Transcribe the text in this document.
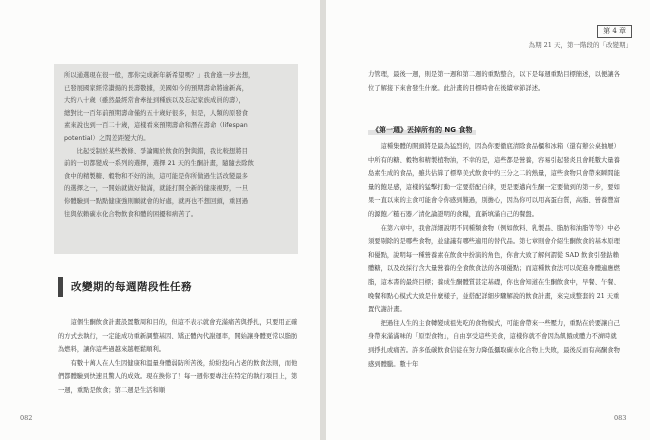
第 4 章
為期 21 天，第一階段的「改變期」

所以通選現在很一般，那你完成新年新希望嗎？」我會進一步去想，

已發展國家經常讚揚的長壽數據，美國如今的預期壽命將逾新高，

大約八十歲（雖然最經常會牽扯到種族以及忘記家族成員的壽），

總對比一百年前預期壽命僅約五十歲好很多，但是，人類的原發食

素來說也到一百二十歲，這樣看來預期壽命和潛在壽命（lifespan

potential）之間差距變大的。

比起受制於某些教條、爭論關於飲食的對與錯，我比較想將目

前的一切都變成一系列的選擇，選擇 21 天的生酮計畫，隨隨去除飲

食中的精製糖、穀物和不好的油，這可能是你所做過生活改變最多

的選擇之一，一開始就做好做滿，就能打開全新的健康視野，一旦

你體驗到一點點健康強則願就會的好處，就再也不想回頭，重回過

往與依賴碳水化合物飲食和體的困擾和病苦了。

改變期的每週階段性任務

這個生酮飲食計畫設置數周和目的，但這不表示就會充滿痛苦與掙扎，只要用正確的方式去執行，一定能成功重新調整基因、矯正體內代謝運率，開始讓身體更常以脂肪為燃料，讓你這些過越來越輕鬆順利。

有數十萬人在人生因健康和溫量身體弱防所苦後，紛紛投向占老的飲食法則，而他們都體驗到快速且驚人的成效。現在換你了！每一週你要專注在特定的執行項目上，第一週，重點是飲食；第二週是生活和順

力管理，最後一週，則是第一週和第二週的重點整合，以下是每週重點目標簡述，以便讓各位了解接下來會發生什麼。此計畫的目標時會在後續章節詳述。

《第一週》丟掉所有的 NG 食物

這種集體的開頭將是最為猛烈的，因為你要徹底清除食品櫃和冰箱（還有辦公桌抽屜）中所有的糖、穀物和精製植物油，不幸的是，這些都是營養，容易引起發炎且會耗數大量養島素生成的食品，雖共估算了標準美式飲食中約三分之二的熱量，這些食物只會帶來瞬間能量的飽足感，這樣的猛擊打動一定要搭配自律，更是要邁向生酮一定要做到的第一步，要如果一直以來的主食可能會令你感到難過，別擔心，因為你可以用高蛋白質，高脂、營養豐富的源飽／糙石器／清化論證明的食糧，直新填滿自己的餐盤。

在第六章中，我會詳細說明不同種類食物（例如飲料、乳製品、脂肪和油脂等等）中必須要剔除的是哪些食物，並建議有哪些適用的替代品。第七章則會介紹生酮飲食的基本原理和優點，說明每一種營養素在飲食中扮演的角色，你會大致了解何謂從 SAD 飲食引發鈷賴體糖，以及改採行含大量營養的全食飲食法的各項優點；而這種飲食法可以促進身體適應燃脂，這本書的最終目標；養成生酮體質甚定基礎，你也會知道在生酮飲食中，早餐、午餐、晚餐和點心模式大致是什麼樣子，並搭配詳細步驟解說的飲食計畫，來完成整套的 21 天重置代謝計畫。

把過往人生的主食轉變成祖先吃的食物模式，可能會帶來一些壓力，重點在於要讓自己身帶來滿滿味的「原型食物」，自由享受這些美食，這樣你就不會因為飢餓或體力不濟時就到掙扎或痛苦。許多低碳飲食信徒在努力降低攝取碳水化合物上失敗，最後反而有高酮食物感到體臘。數十年

082	083
